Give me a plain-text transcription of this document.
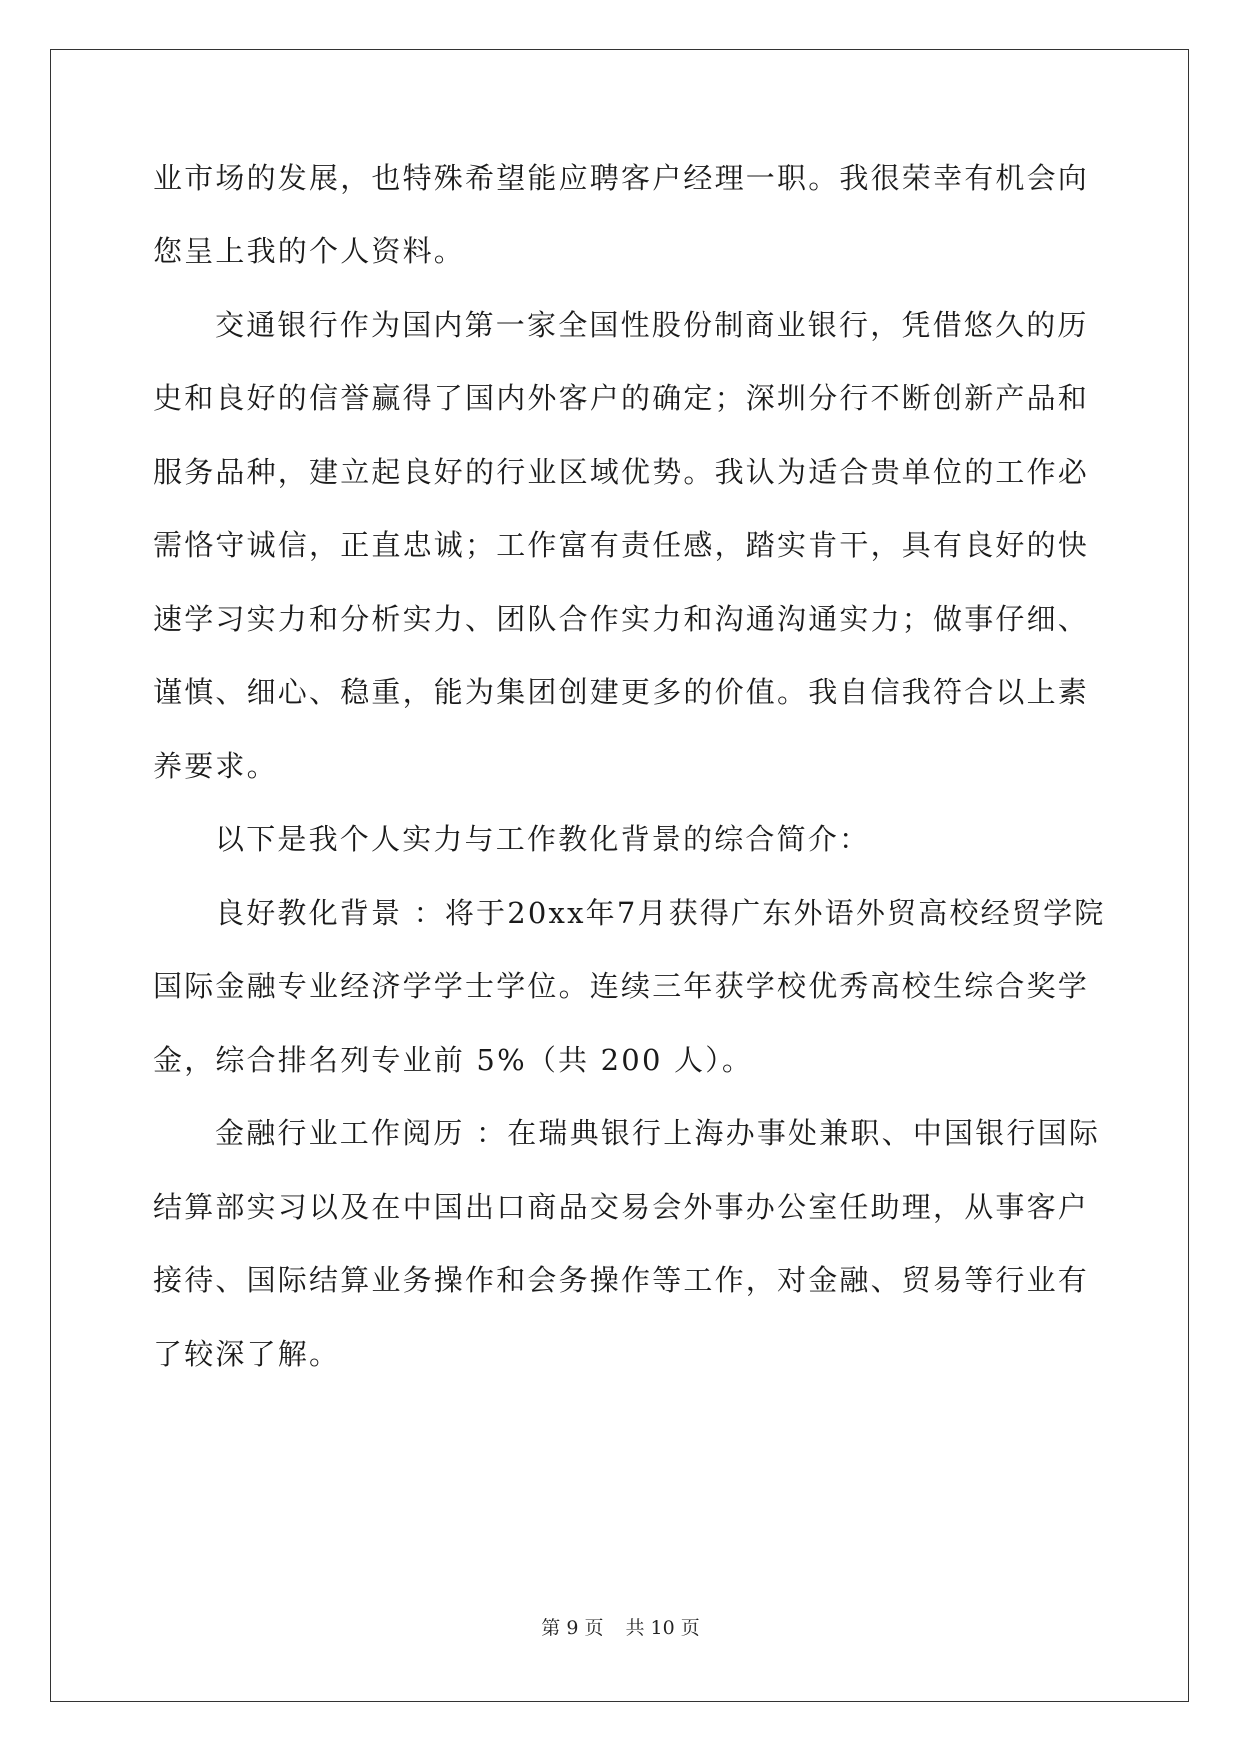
业市场的发展，也特殊希望能应聘客户经理一职。我很荣幸有机会向
您呈上我的个人资料。
交通银行作为国内第一家全国性股份制商业银行，凭借悠久的历
史和良好的信誉赢得了国内外客户的确定；深圳分行不断创新产品和
服务品种，建立起良好的行业区域优势。我认为适合贵单位的工作必
需恪守诚信，正直忠诚；工作富有责任感，踏实肯干，具有良好的快
速学习实力和分析实力、团队合作实力和沟通沟通实力；做事仔细、
谨慎、细心、稳重，能为集团创建更多的价值。我自信我符合以上素
养要求。
以下是我个人实力与工作教化背景的综合简介：
良好教化背景 ：将于20xx年7月获得广东外语外贸高校经贸学院
国际金融专业经济学学士学位。连续三年获学校优秀高校生综合奖学
金，综合排名列专业前 5%（共 200 人）。
金融行业工作阅历 ：在瑞典银行上海办事处兼职、中国银行国际
结算部实习以及在中国出口商品交易会外事办公室任助理，从事客户
接待、国际结算业务操作和会务操作等工作，对金融、贸易等行业有
了较深了解。
第 9 页 共 10 页
